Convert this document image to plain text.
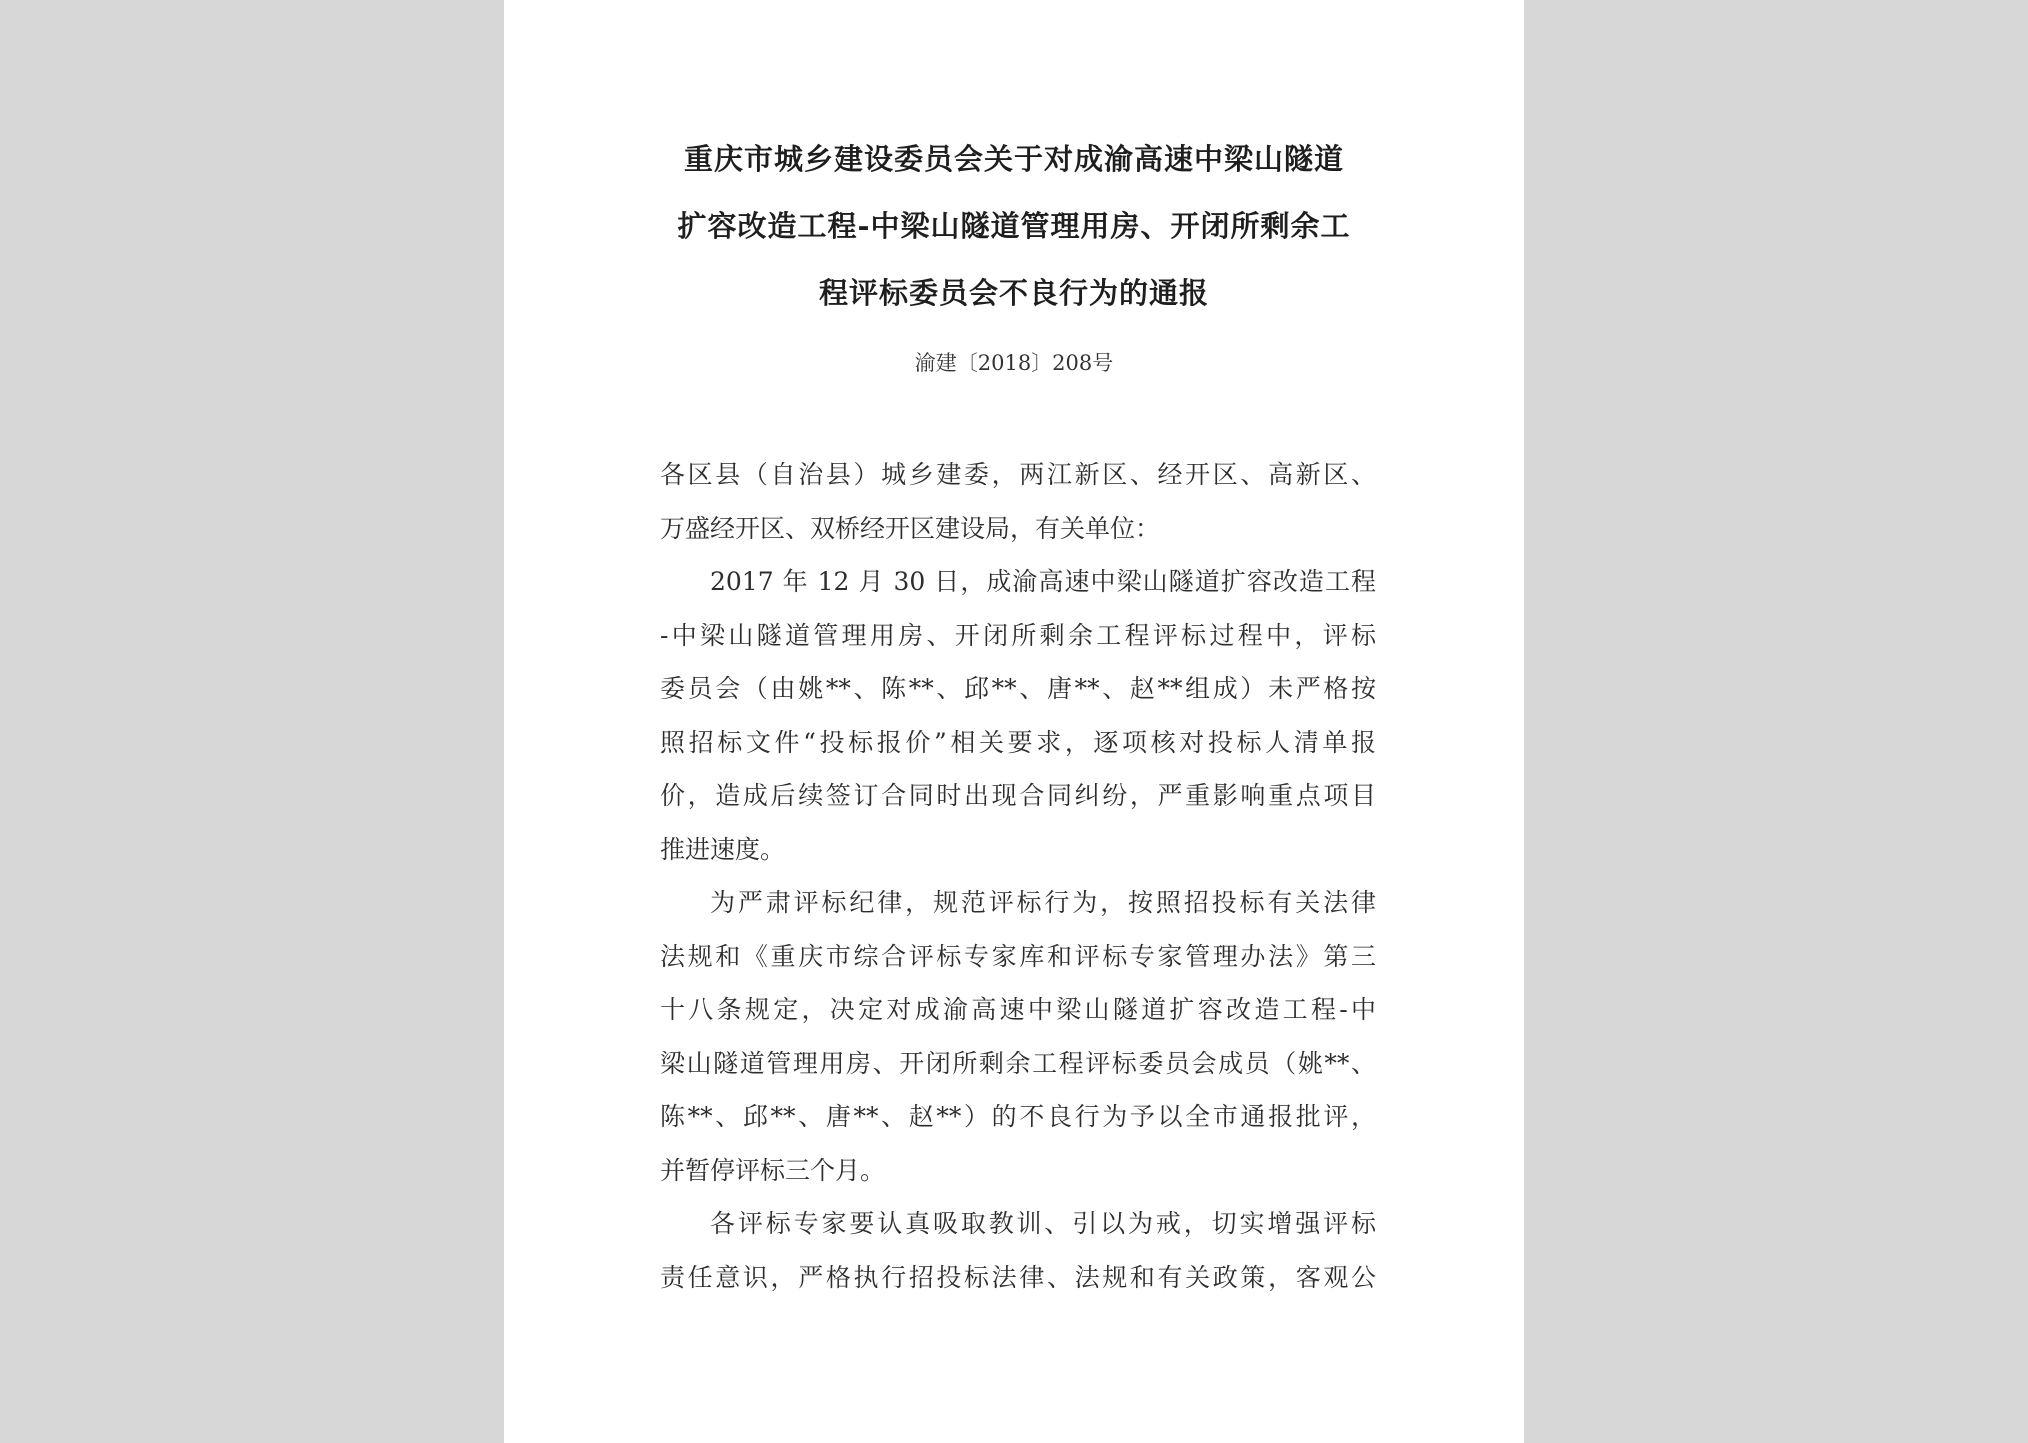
重庆市城乡建设委员会关于对成渝高速中梁山隧道
扩容改造工程-中梁山隧道管理用房、开闭所剩余工
程评标委员会不良行为的通报
渝建〔2018〕208号
各区县（自治县）城乡建委，两江新区、经开区、高新区、
万盛经开区、双桥经开区建设局，有关单位：
2017 年 12 月 30 日，成渝高速中梁山隧道扩容改造工程
-中梁山隧道管理用房、开闭所剩余工程评标过程中，评标
委员会（由姚**、陈**、邱**、唐**、赵**组成）未严格按
照招标文件“投标报价”相关要求，逐项核对投标人清单报
价，造成后续签订合同时出现合同纠纷，严重影响重点项目
推进速度。
为严肃评标纪律，规范评标行为，按照招投标有关法律
法规和《重庆市综合评标专家库和评标专家管理办法》第三
十八条规定，决定对成渝高速中梁山隧道扩容改造工程-中
梁山隧道管理用房、开闭所剩余工程评标委员会成员（姚**、
陈**、邱**、唐**、赵**）的不良行为予以全市通报批评，
并暂停评标三个月。
各评标专家要认真吸取教训、引以为戒，切实增强评标
责任意识，严格执行招投标法律、法规和有关政策，客观公
